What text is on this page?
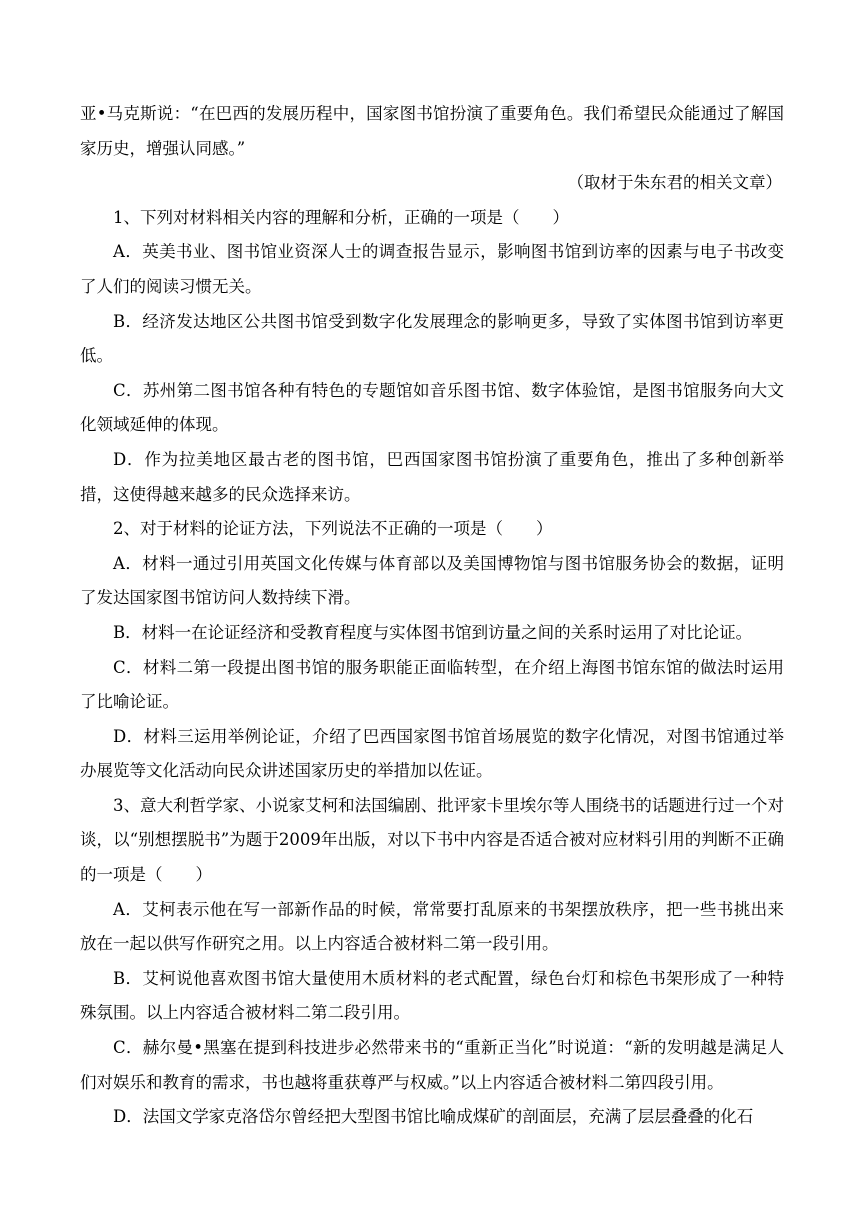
亚•马克斯说：“在巴西的发展历程中，国家图书馆扮演了重要角色。我们希望民众能通过了解国家历史，增强认同感。”

（取材于朱东君的相关文章）

1、下列对材料相关内容的理解和分析，正确的一项是（　　）

A．英美书业、图书馆业资深人士的调查报告显示，影响图书馆到访率的因素与电子书改变了人们的阅读习惯无关。

B．经济发达地区公共图书馆受到数字化发展理念的影响更多，导致了实体图书馆到访率更低。

C．苏州第二图书馆各种有特色的专题馆如音乐图书馆、数字体验馆，是图书馆服务向大文化领域延伸的体现。

D．作为拉美地区最古老的图书馆，巴西国家图书馆扮演了重要角色，推出了多种创新举措，这使得越来越多的民众选择来访。

2、对于材料的论证方法，下列说法不正确的一项是（　　）

A．材料一通过引用英国文化传媒与体育部以及美国博物馆与图书馆服务协会的数据，证明了发达国家图书馆访问人数持续下滑。

B．材料一在论证经济和受教育程度与实体图书馆到访量之间的关系时运用了对比论证。

C．材料二第一段提出图书馆的服务职能正面临转型，在介绍上海图书馆东馆的做法时运用了比喻论证。

D．材料三运用举例论证，介绍了巴西国家图书馆首场展览的数字化情况，对图书馆通过举办展览等文化活动向民众讲述国家历史的举措加以佐证。

3、意大利哲学家、小说家艾柯和法国编剧、批评家卡里埃尔等人围绕书的话题进行过一个对谈，以“别想摆脱书”为题于2009年出版，对以下书中内容是否适合被对应材料引用的判断不正确的一项是（　　）

A．艾柯表示他在写一部新作品的时候，常常要打乱原来的书架摆放秩序，把一些书挑出来放在一起以供写作研究之用。以上内容适合被材料二第一段引用。

B．艾柯说他喜欢图书馆大量使用木质材料的老式配置，绿色台灯和棕色书架形成了一种特殊氛围。以上内容适合被材料二第二段引用。

C．赫尔曼•黑塞在提到科技进步必然带来书的“重新正当化”时说道：“新的发明越是满足人们对娱乐和教育的需求，书也越将重获尊严与权威。”以上内容适合被材料二第四段引用。

D．法国文学家克洛岱尔曾经把大型图书馆比喻成煤矿的剖面层，充满了层层叠叠的化石
